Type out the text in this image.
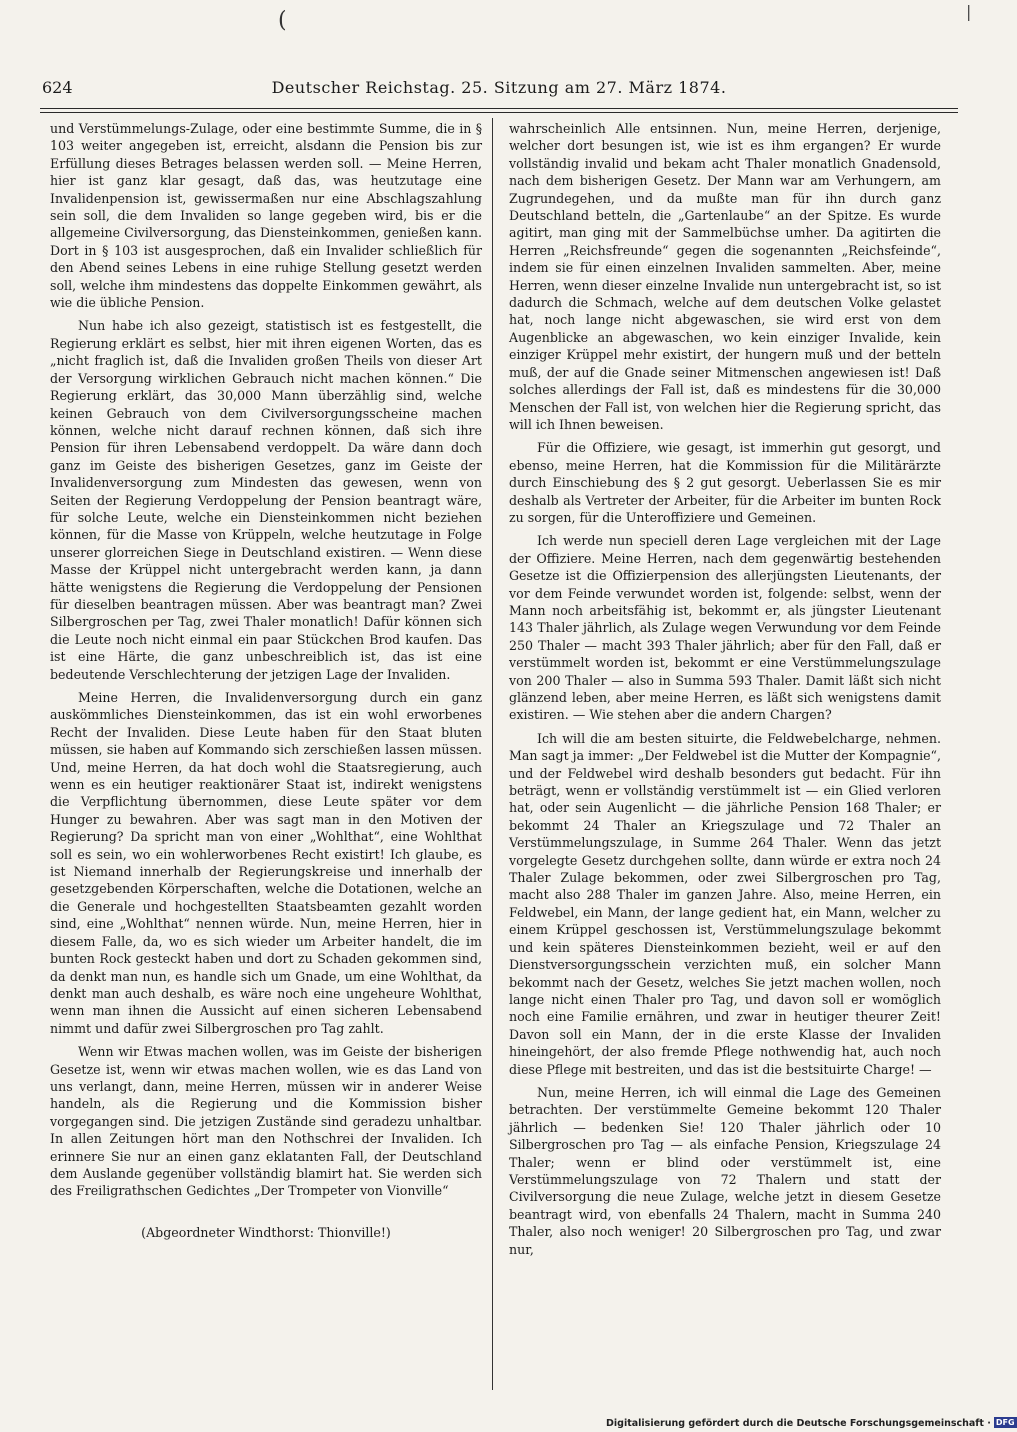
(	|
624	Deutscher Reichstag. 25. Sitzung am 27. März 1874.

und Verstümmelungs-Zulage, oder eine bestimmte Summe, die in § 103 weiter angegeben ist, erreicht, alsdann die Pension bis zur Erfüllung dieses Betrages belassen werden soll. — Meine Herren, hier ist ganz klar gesagt, daß das, was heutzutage eine Invalidenpension ist, gewissermaßen nur eine Abschlagszahlung sein soll, die dem Invaliden so lange gegeben wird, bis er die allgemeine Civilversorgung, das Diensteinkommen, genießen kann. Dort in § 103 ist ausgesprochen, daß ein Invalider schließlich für den Abend seines Lebens in eine ruhige Stellung gesetzt werden soll, welche ihm mindestens das doppelte Einkommen gewährt, als wie die übliche Pension.

Nun habe ich also gezeigt, statistisch ist es festgestellt, die Regierung erklärt es selbst, hier mit ihren eigenen Worten, das es „nicht fraglich ist, daß die Invaliden großen Theils von dieser Art der Versorgung wirklichen Gebrauch nicht machen können.“ Die Regierung erklärt, das 30,000 Mann überzählig sind, welche keinen Gebrauch von dem Civilversorgungsscheine machen können, welche nicht darauf rechnen können, daß sich ihre Pension für ihren Lebensabend verdoppelt. Da wäre dann doch ganz im Geiste des bisherigen Gesetzes, ganz im Geiste der Invalidenversorgung zum Mindesten das gewesen, wenn von Seiten der Regierung Verdoppelung der Pension beantragt wäre, für solche Leute, welche ein Diensteinkommen nicht beziehen können, für die Masse von Krüppeln, welche heutzutage in Folge unserer glorreichen Siege in Deutschland existiren. — Wenn diese Masse der Krüppel nicht untergebracht werden kann, ja dann hätte wenigstens die Regierung die Verdoppelung der Pensionen für dieselben beantragen müssen. Aber was beantragt man? Zwei Silbergroschen per Tag, zwei Thaler monatlich! Dafür können sich die Leute noch nicht einmal ein paar Stückchen Brod kaufen. Das ist eine Härte, die ganz unbeschreiblich ist, das ist eine bedeutende Verschlechterung der jetzigen Lage der Invaliden.

Meine Herren, die Invalidenversorgung durch ein ganz auskömmliches Diensteinkommen, das ist ein wohl erworbenes Recht der Invaliden. Diese Leute haben für den Staat bluten müssen, sie haben auf Kommando sich zerschießen lassen müssen. Und, meine Herren, da hat doch wohl die Staatsregierung, auch wenn es ein heutiger reaktionärer Staat ist, indirekt wenigstens die Verpflichtung übernommen, diese Leute später vor dem Hunger zu bewahren. Aber was sagt man in den Motiven der Regierung? Da spricht man von einer „Wohlthat“, eine Wohlthat soll es sein, wo ein wohlerworbenes Recht existirt! Ich glaube, es ist Niemand innerhalb der Regierungskreise und innerhalb der gesetzgebenden Körperschaften, welche die Dotationen, welche an die Generale und hochgestellten Staatsbeamten gezahlt worden sind, eine „Wohlthat“ nennen würde. Nun, meine Herren, hier in diesem Falle, da, wo es sich wieder um Arbeiter handelt, die im bunten Rock gesteckt haben und dort zu Schaden gekommen sind, da denkt man nun, es handle sich um Gnade, um eine Wohlthat, da denkt man auch deshalb, es wäre noch eine ungeheure Wohlthat, wenn man ihnen die Aussicht auf einen sicheren Lebensabend nimmt und dafür zwei Silbergroschen pro Tag zahlt.

Wenn wir Etwas machen wollen, was im Geiste der bisherigen Gesetze ist, wenn wir etwas machen wollen, wie es das Land von uns verlangt, dann, meine Herren, müssen wir in anderer Weise handeln, als die Regierung und die Kommission bisher vorgegangen sind. Die jetzigen Zustände sind geradezu unhaltbar. In allen Zeitungen hört man den Nothschrei der Invaliden. Ich erinnere Sie nur an einen ganz eklatanten Fall, der Deutschland dem Auslande gegenüber vollständig blamirt hat. Sie werden sich des Freiligrathschen Gedichtes „Der Trompeter von Vionville“

(Abgeordneter Windthorst: Thionville!)

wahrscheinlich Alle entsinnen. Nun, meine Herren, derjenige, welcher dort besungen ist, wie ist es ihm ergangen? Er wurde vollständig invalid und bekam acht Thaler monatlich Gnadensold, nach dem bisherigen Gesetz. Der Mann war am Verhungern, am Zugrundegehen, und da mußte man für ihn durch ganz Deutschland betteln, die „Gartenlaube“ an der Spitze. Es wurde agitirt, man ging mit der Sammelbüchse umher. Da agitirten die Herren „Reichsfreunde“ gegen die sogenannten „Reichsfeinde“, indem sie für einen einzelnen Invaliden sammelten. Aber, meine Herren, wenn dieser einzelne Invalide nun untergebracht ist, so ist dadurch die Schmach, welche auf dem deutschen Volke gelastet hat, noch lange nicht abgewaschen, sie wird erst von dem Augenblicke an abgewaschen, wo kein einziger Invalide, kein einziger Krüppel mehr existirt, der hungern muß und der betteln muß, der auf die Gnade seiner Mitmenschen angewiesen ist! Daß solches allerdings der Fall ist, daß es mindestens für die 30,000 Menschen der Fall ist, von welchen hier die Regierung spricht, das will ich Ihnen beweisen.

Für die Offiziere, wie gesagt, ist immerhin gut gesorgt, und ebenso, meine Herren, hat die Kommission für die Militärärzte durch Einschiebung des § 2 gut gesorgt. Ueberlassen Sie es mir deshalb als Vertreter der Arbeiter, für die Arbeiter im bunten Rock zu sorgen, für die Unteroffiziere und Gemeinen.

Ich werde nun speciell deren Lage vergleichen mit der Lage der Offiziere. Meine Herren, nach dem gegenwärtig bestehenden Gesetze ist die Offizierpension des allerjüngsten Lieutenants, der vor dem Feinde verwundet worden ist, folgende: selbst, wenn der Mann noch arbeitsfähig ist, bekommt er, als jüngster Lieutenant 143 Thaler jährlich, als Zulage wegen Verwundung vor dem Feinde 250 Thaler — macht 393 Thaler jährlich; aber für den Fall, daß er verstümmelt worden ist, bekommt er eine Verstümmelungszulage von 200 Thaler — also in Summa 593 Thaler. Damit läßt sich nicht glänzend leben, aber meine Herren, es läßt sich wenigstens damit existiren. — Wie stehen aber die andern Chargen?

Ich will die am besten situirte, die Feldwebelcharge, nehmen. Man sagt ja immer: „Der Feldwebel ist die Mutter der Kompagnie“, und der Feldwebel wird deshalb besonders gut bedacht. Für ihn beträgt, wenn er vollständig verstümmelt ist — ein Glied verloren hat, oder sein Augenlicht — die jährliche Pension 168 Thaler; er bekommt 24 Thaler an Kriegszulage und 72 Thaler an Verstümmelungszulage, in Summe 264 Thaler. Wenn das jetzt vorgelegte Gesetz durchgehen sollte, dann würde er extra noch 24 Thaler Zulage bekommen, oder zwei Silbergroschen pro Tag, macht also 288 Thaler im ganzen Jahre. Also, meine Herren, ein Feldwebel, ein Mann, der lange gedient hat, ein Mann, welcher zu einem Krüppel geschossen ist, Verstümmelungszulage bekommt und kein späteres Diensteinkommen bezieht, weil er auf den Dienstversorgungsschein verzichten muß, ein solcher Mann bekommt nach der Gesetz, welches Sie jetzt machen wollen, noch lange nicht einen Thaler pro Tag, und davon soll er womöglich noch eine Familie ernähren, und zwar in heutiger theurer Zeit! Davon soll ein Mann, der in die erste Klasse der Invaliden hineingehört, der also fremde Pflege nothwendig hat, auch noch diese Pflege mit bestreiten, und das ist die bestsituirte Charge! —

Nun, meine Herren, ich will einmal die Lage des Gemeinen betrachten. Der verstümmelte Gemeine bekommt 120 Thaler jährlich — bedenken Sie! 120 Thaler jährlich oder 10 Silbergroschen pro Tag — als einfache Pension, Kriegszulage 24 Thaler; wenn er blind oder verstümmelt ist, eine Verstümmelungszulage von 72 Thalern und statt der Civilversorgung die neue Zulage, welche jetzt in diesem Gesetze beantragt wird, von ebenfalls 24 Thalern, macht in Summa 240 Thaler, also noch weniger! 20 Silbergroschen pro Tag, und zwar nur,

Digitalisierung gefördert durch die Deutsche Forschungsgemeinschaft · DFG
